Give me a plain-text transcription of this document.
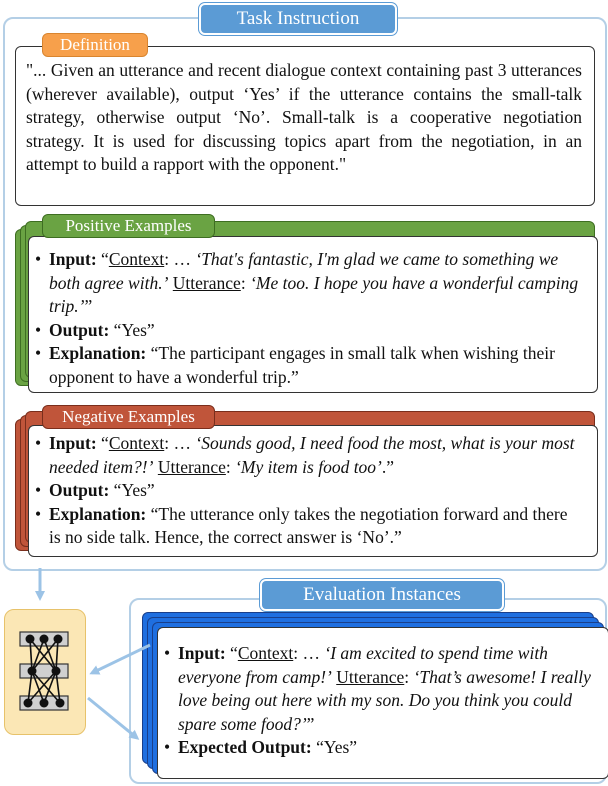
Task Instruction
"... Given an utterance and recent dialogue context containing past 3 utterances (wherever available), output ‘Yes’ if the utterance contains the small-talk strategy, otherwise output ‘No’. Small-talk is a cooperative negotiation strategy. It is used for discussing topics apart from the negotiation, in an attempt to build a rapport with the opponent."
Definition
• Input: “Context: … ‘That's fantastic, I'm glad we came to something we both agree with.’ Utterance: ‘Me too. I hope you have a wonderful camping trip.’”
• Output: “Yes”
• Explanation: “The participant engages in small talk when wishing their opponent to have a wonderful trip.”
Positive Examples
• Input: “Context: … ‘Sounds good, I need food the most, what is your most needed item?!’ Utterance: ‘My item is food too’.”
• Output: “Yes”
• Explanation: “The utterance only takes the negotiation forward and there is no side talk. Hence, the correct answer is ‘No’.”
Negative Examples
• Input: “Context: … ‘I am excited to spend time with everyone from camp!’ Utterance: ‘That’s awesome! I really love being out here with my son. Do you think you could spare some food?’”
• Expected Output: “Yes”
Evaluation Instances
